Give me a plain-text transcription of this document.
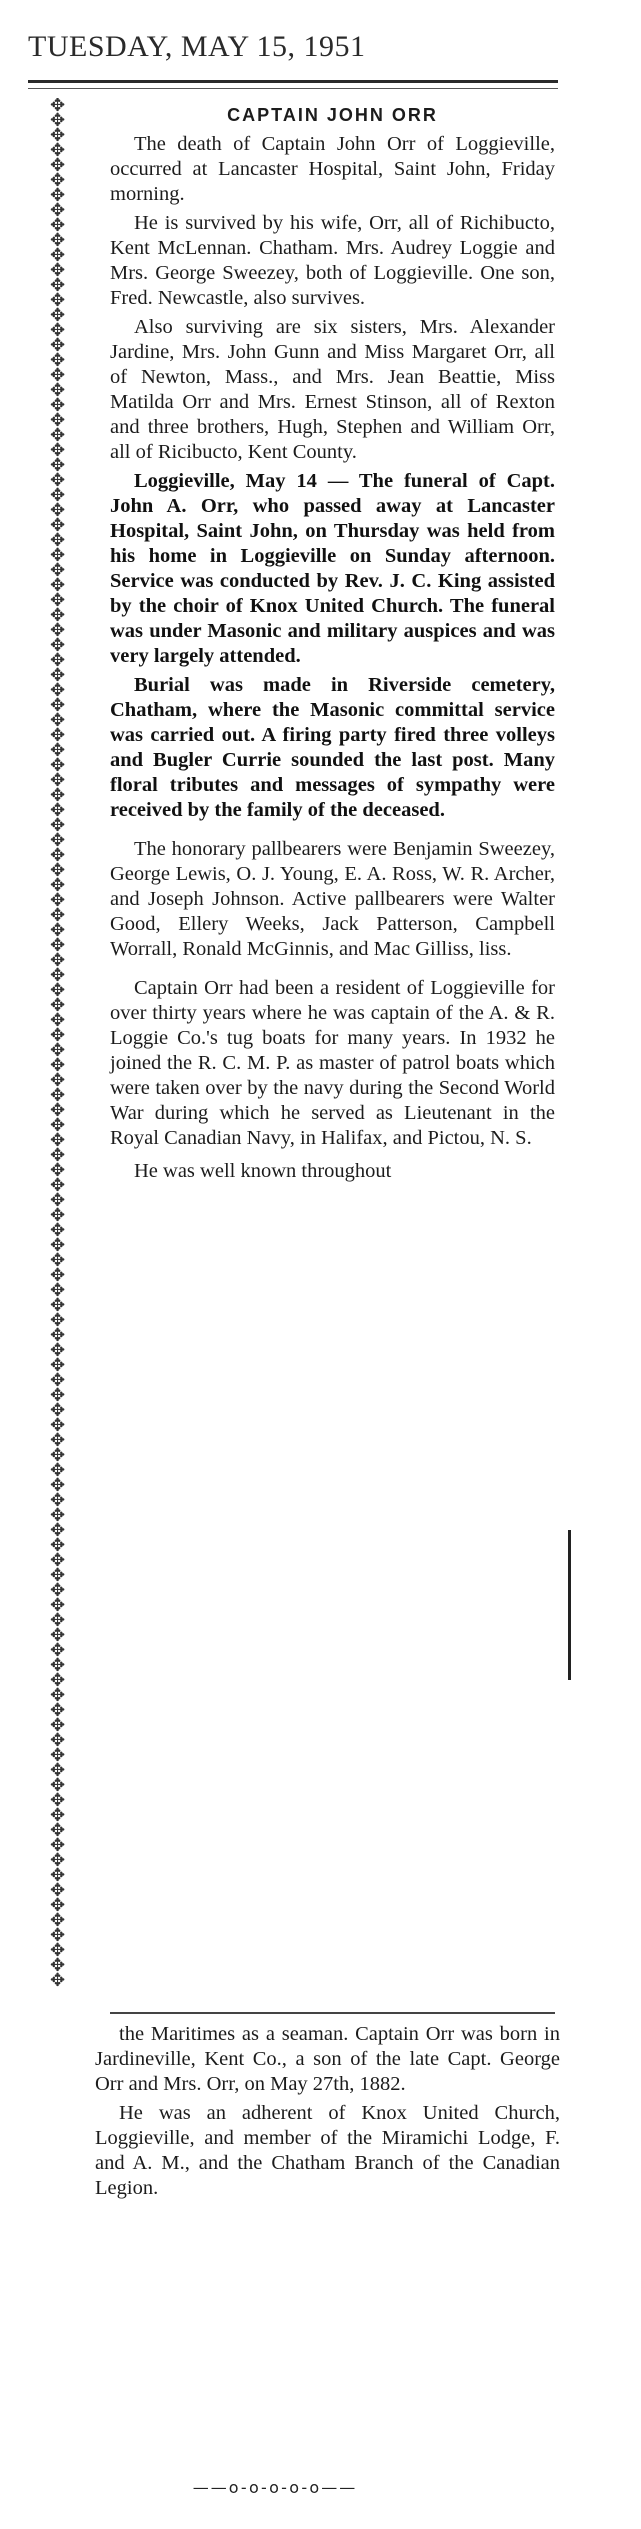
TUESDAY, MAY 15, 1951
✥✥✥✥✥✥✥✥✥✥✥✥✥✥✥✥✥✥✥✥✥✥✥✥✥✥✥✥✥✥✥✥✥✥✥✥✥✥✥✥✥✥✥✥✥✥✥✥✥✥✥✥✥✥✥✥✥✥✥✥✥✥✥✥✥✥✥✥✥✥✥✥✥✥✥✥✥✥✥✥✥✥✥✥✥✥✥✥✥✥✥✥✥✥✥✥✥✥✥✥✥✥✥✥✥✥✥✥✥✥✥✥✥✥✥✥✥✥✥✥✥✥✥✥✥✥
CAPTAIN JOHN ORR

The death of Captain John Orr of Loggieville, occurred at Lancaster Hospital, Saint John, Friday morning.

He is survived by his wife, Orr, all of Richibucto, Kent McLennan. Chatham. Mrs. Audrey Loggie and Mrs. George Sweezey, both of Loggieville. One son, Fred. Newcastle, also survives.

Also surviving are six sisters, Mrs. Alexander Jardine, Mrs. John Gunn and Miss Margaret Orr, all of Newton, Mass., and Mrs. Jean Beattie, Miss Matilda Orr and Mrs. Ernest Stinson, all of Rexton and three brothers, Hugh, Stephen and William Orr, all of Ricibucto, Kent County.

Loggieville, May 14 — The funeral of Capt. John A. Orr, who passed away at Lancaster Hospital, Saint John, on Thursday was held from his home in Loggieville on Sunday afternoon. Service was conducted by Rev. J. C. King assisted by the choir of Knox United Church. The funeral was under Masonic and military auspices and was very largely attended.

Burial was made in Riverside cemetery, Chatham, where the Masonic committal service was carried out. A firing party fired three volleys and Bugler Currie sounded the last post. Many floral tributes and messages of sympathy were received by the family of the deceased.

The honorary pallbearers were Benjamin Sweezey, George Lewis, O. J. Young, E. A. Ross, W. R. Archer, and Joseph Johnson. Active pallbearers were Walter Good, Ellery Weeks, Jack Patterson, Campbell Worrall, Ronald McGinnis, and Mac Gilliss, liss.

Captain Orr had been a resident of Loggieville for over thirty years where he was captain of the A. & R. Loggie Co.'s tug boats for many years. In 1932 he joined the R. C. M. P. as master of patrol boats which were taken over by the navy during the Second World War during which he served as Lieutenant in the Royal Canadian Navy, in Halifax, and Pictou, N. S.

He was well known throughout

the Maritimes as a seaman. Captain Orr was born in Jardineville, Kent Co., a son of the late Capt. George Orr and Mrs. Orr, on May 27th, 1882.

He was an adherent of Knox United Church, Loggieville, and member of the Miramichi Lodge, F. and A. M., and the Chatham Branch of the Canadian Legion.

——o-o-o-o-o——
